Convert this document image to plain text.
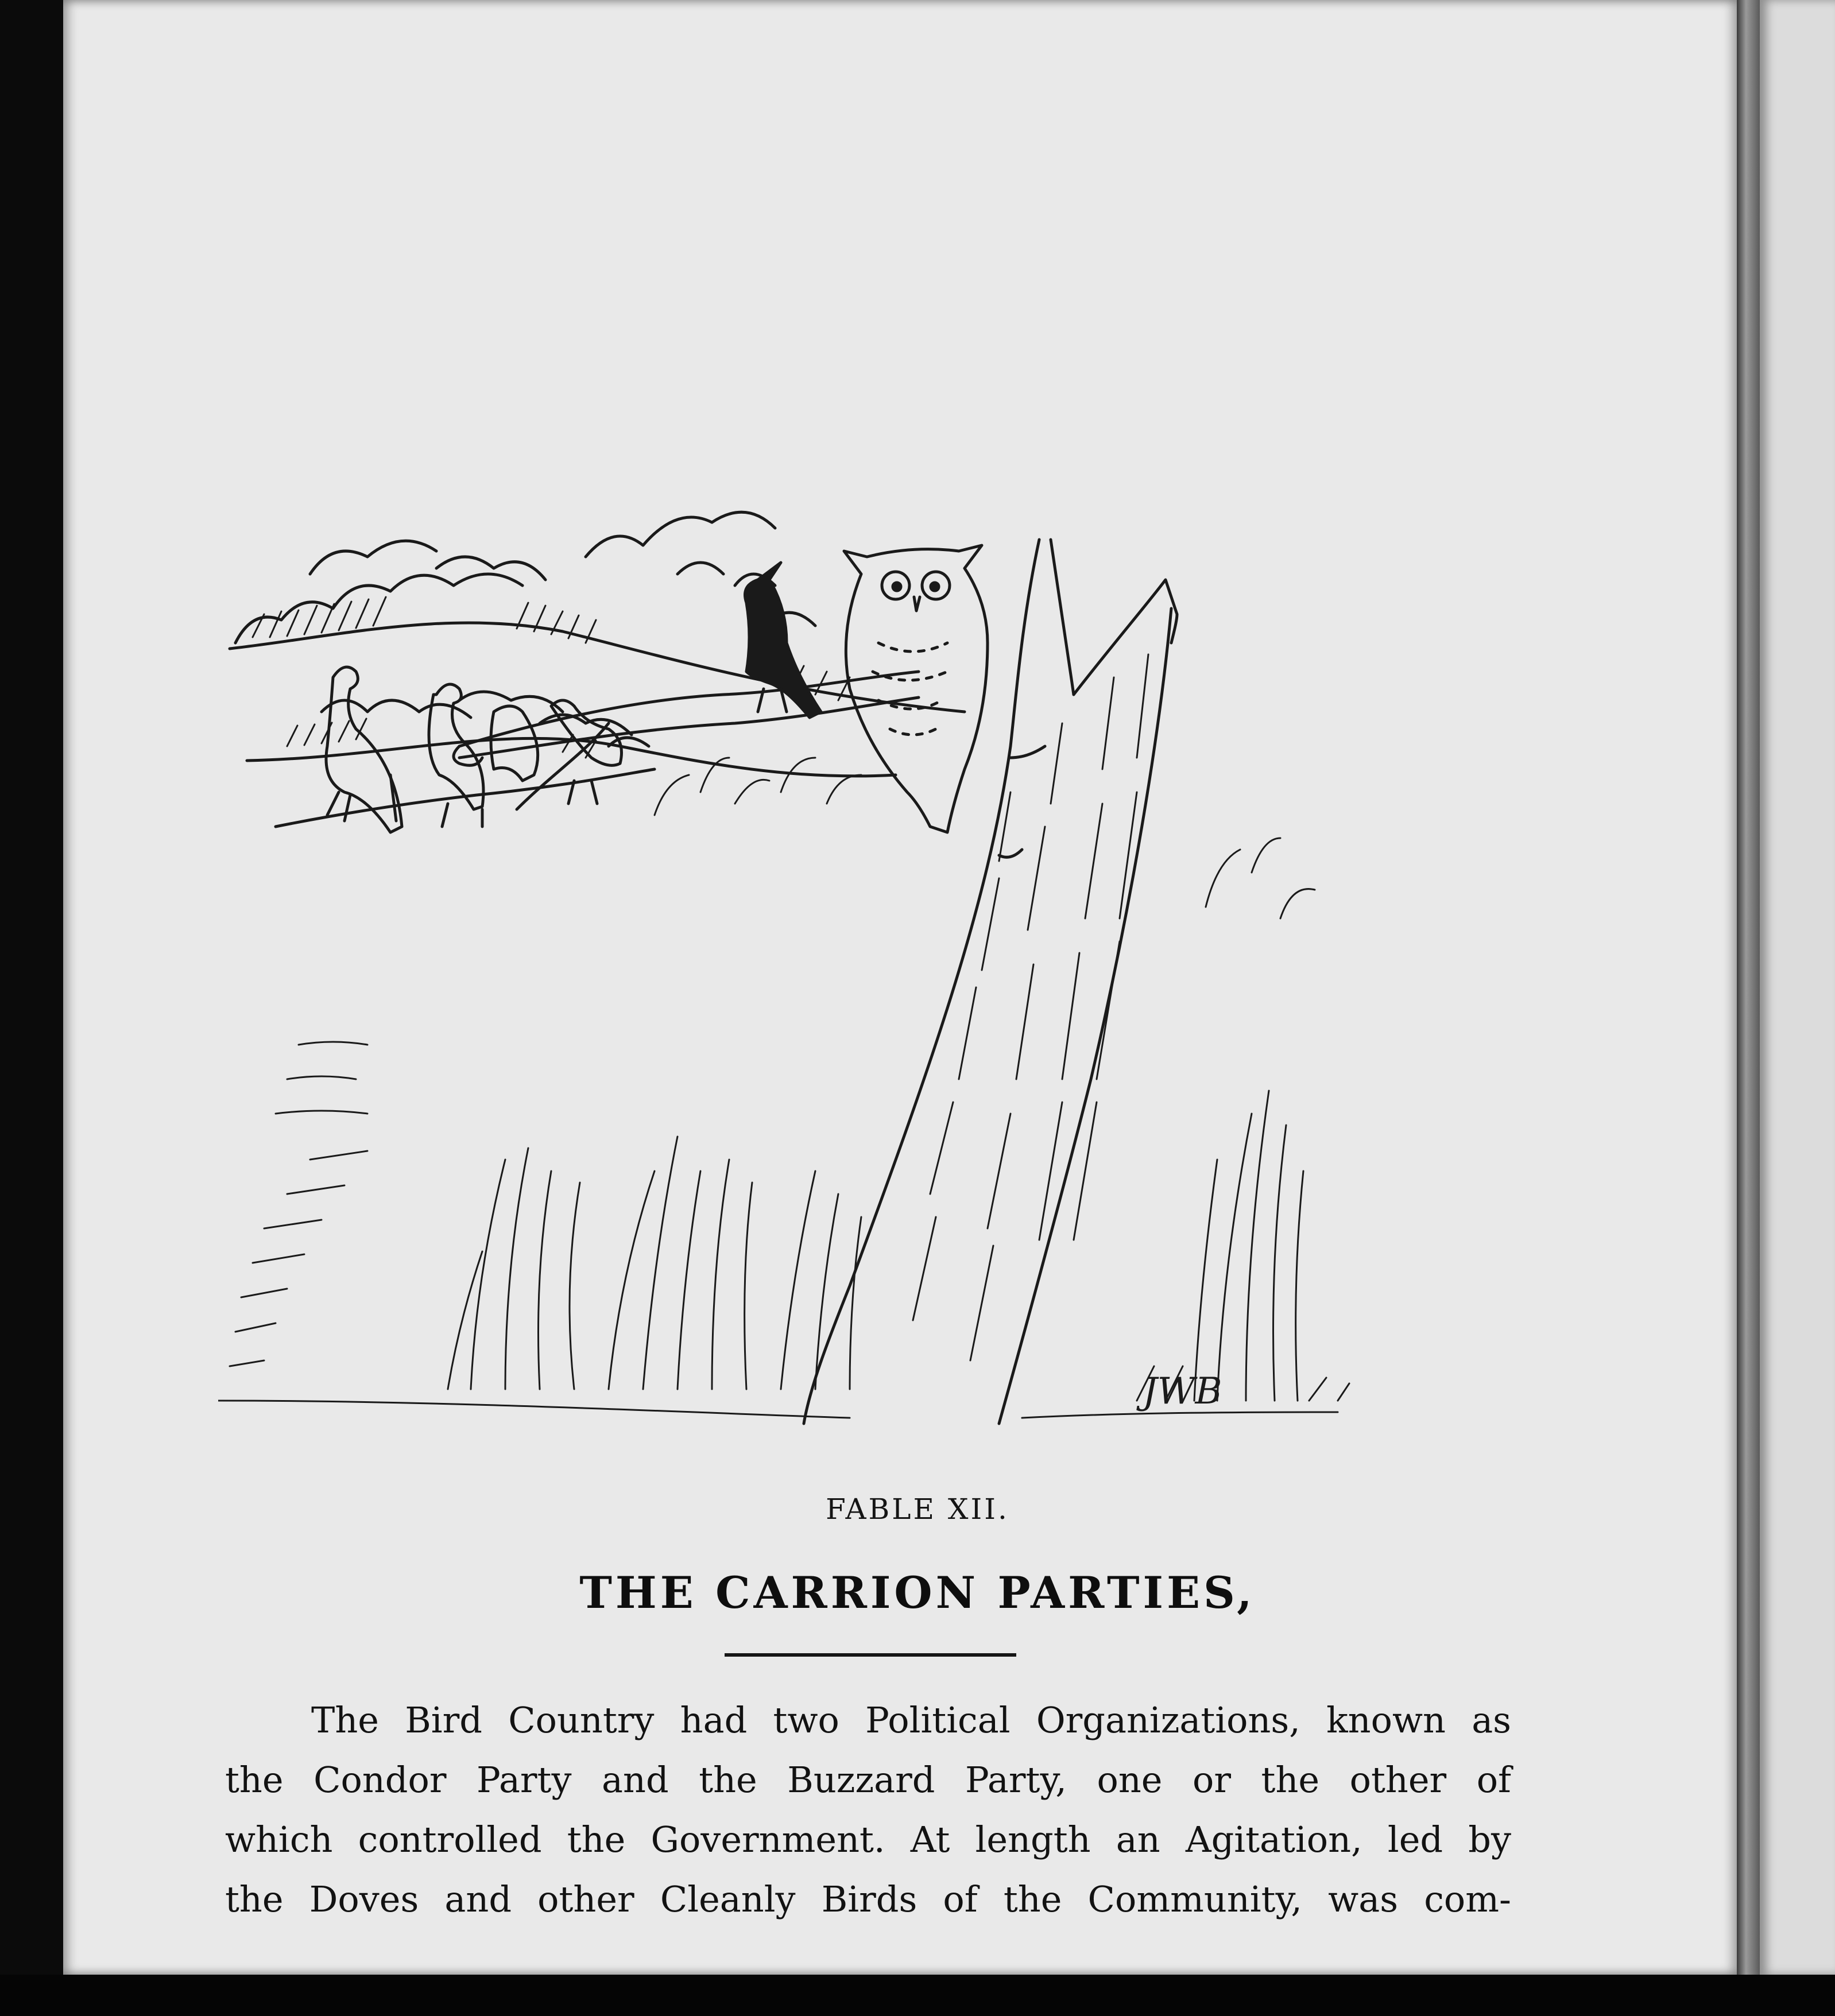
JWB
FABLE XII.
THE CARRION PARTIES,
The Bird Country had two Political Organizations, known as
the Condor Party and the Buzzard Party, one or the other of
which controlled the Government. At length an Agitation, led by
the Doves and other Cleanly Birds of the Community, was com-
